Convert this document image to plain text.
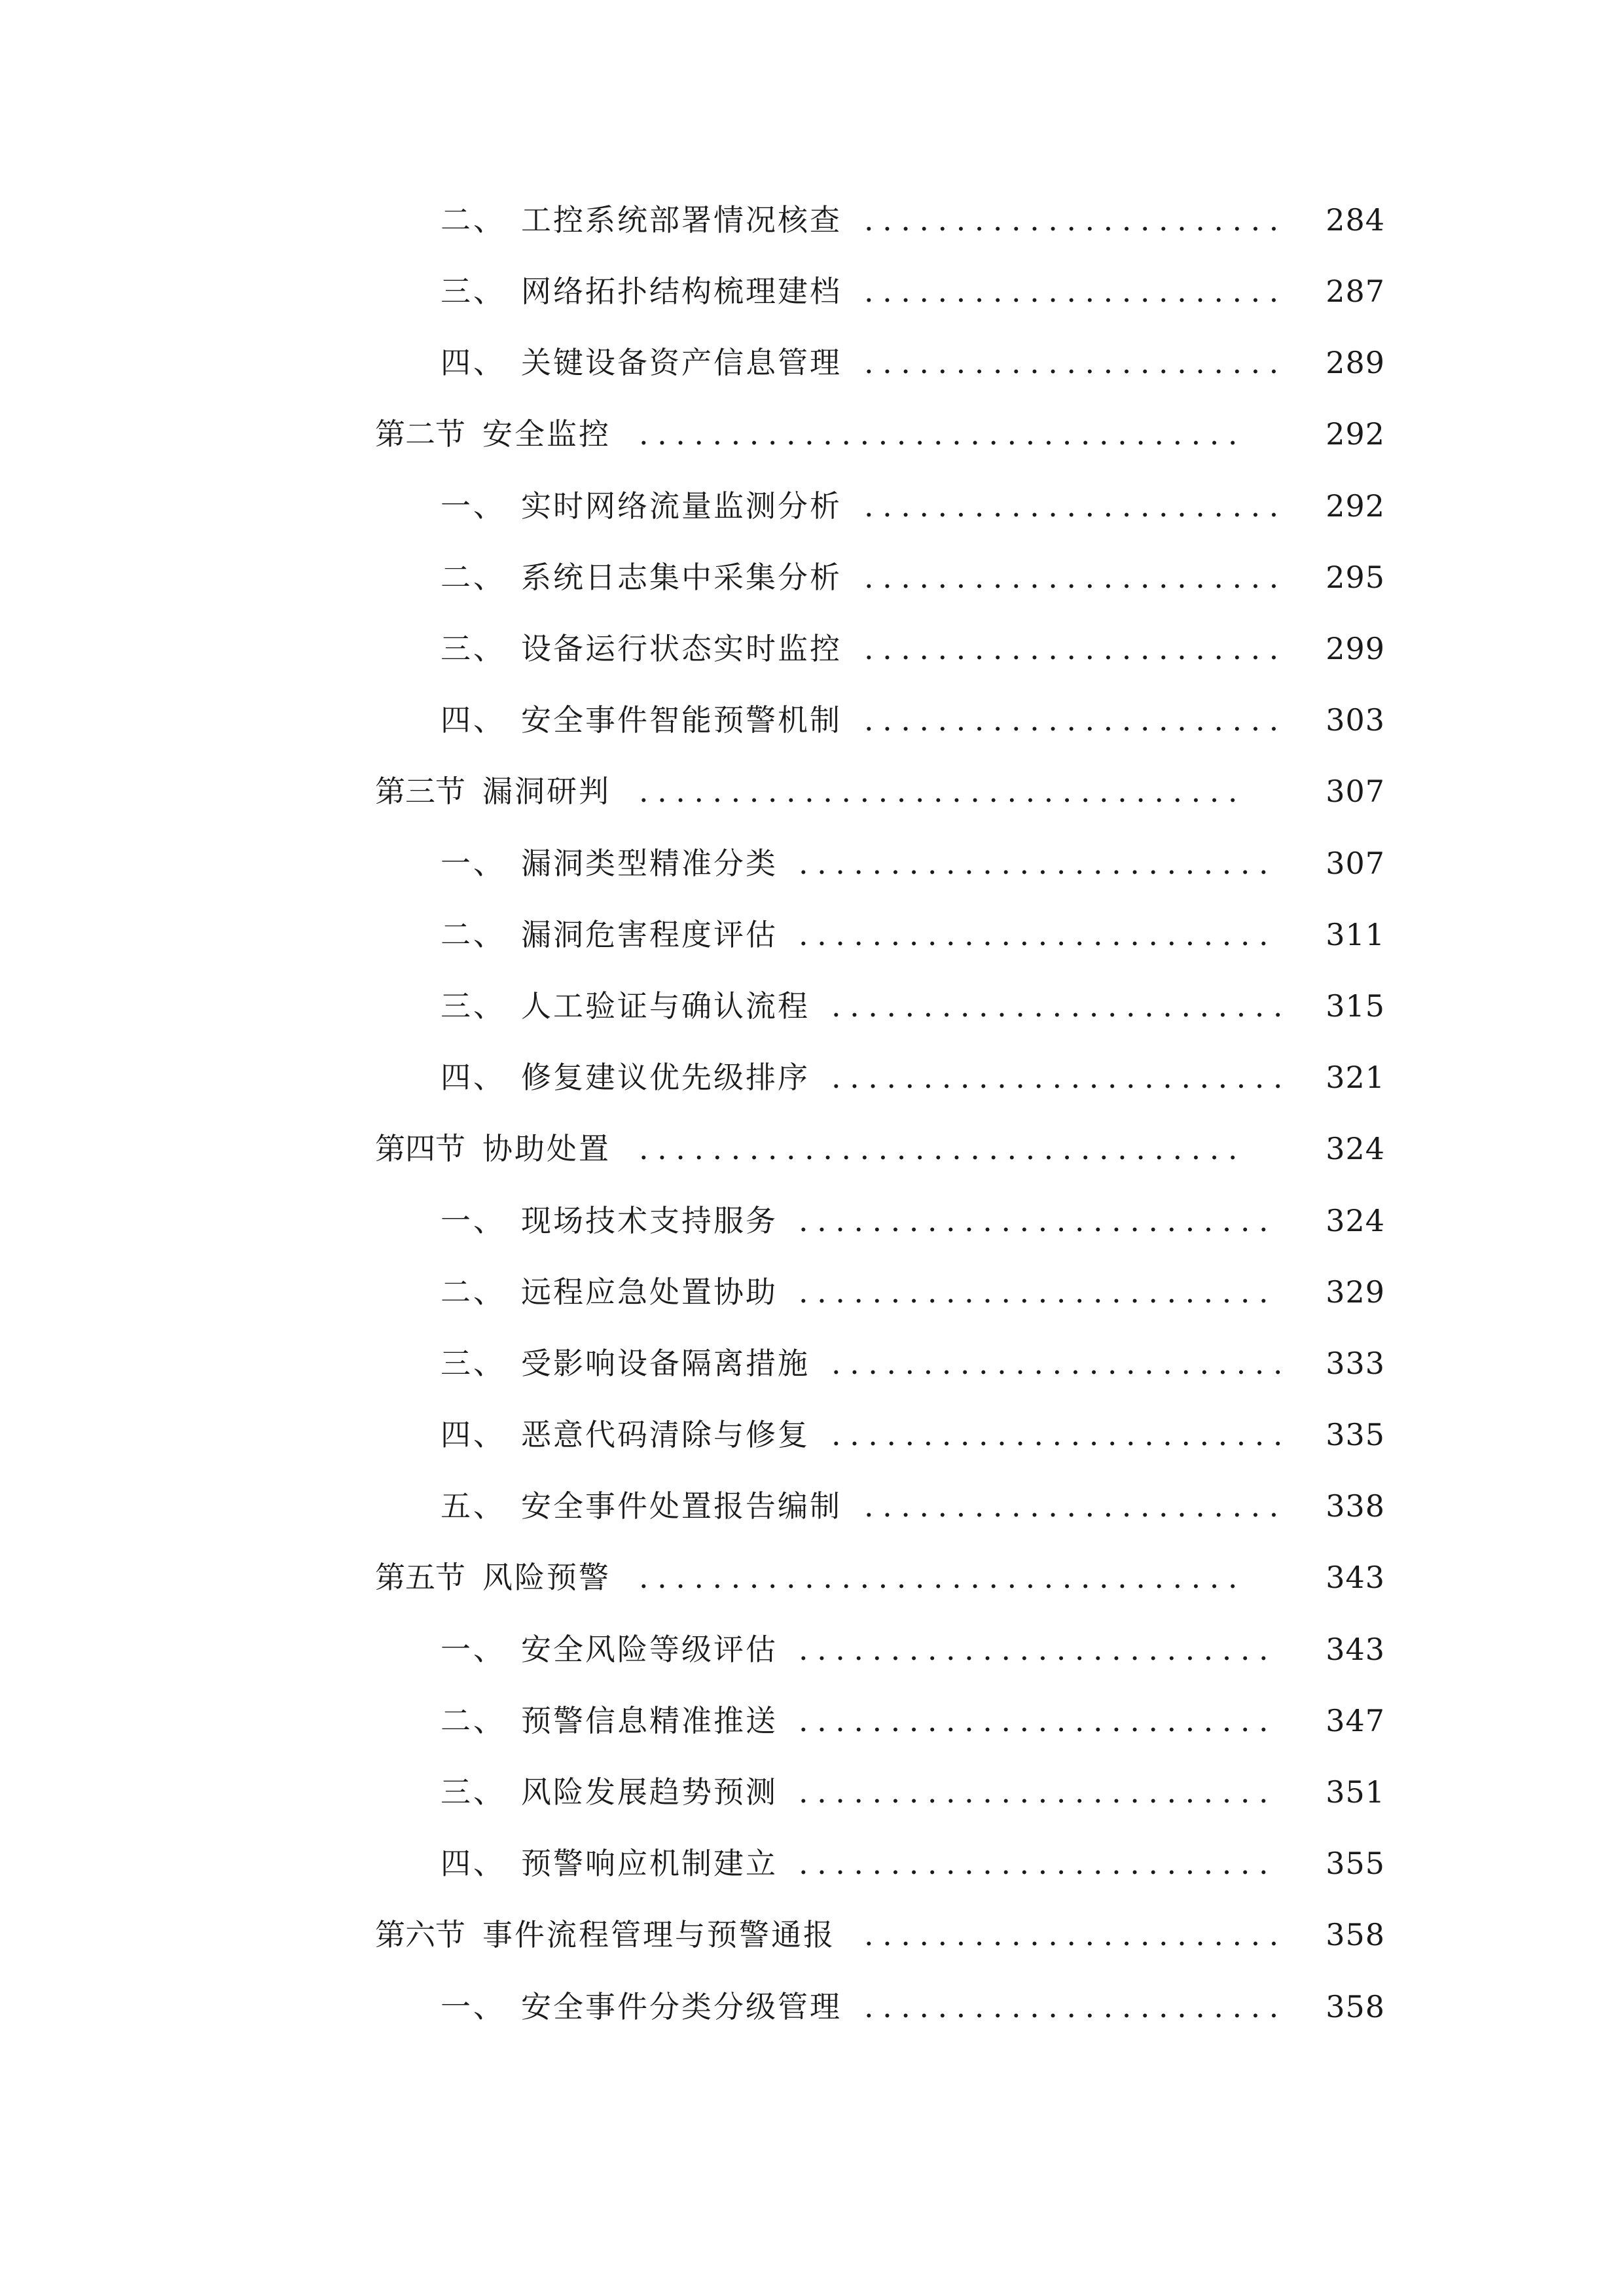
二、 工控系统部署情况核查 .......................	284
三、 网络拓扑结构梳理建档 .......................	287
四、 关键设备资产信息管理 .......................	289
第二节 安全监控 .................................	292
一、 实时网络流量监测分析 .......................	292
二、 系统日志集中采集分析 .......................	295
三、 设备运行状态实时监控 .......................	299
四、 安全事件智能预警机制 .......................	303
第三节 漏洞研判 .................................	307
一、 漏洞类型精准分类 ..........................	307
二、 漏洞危害程度评估 ..........................	311
三、 人工验证与确认流程 .........................	315
四、 修复建议优先级排序 .........................	321
第四节 协助处置 .................................	324
一、 现场技术支持服务 ..........................	324
二、 远程应急处置协助 ..........................	329
三、 受影响设备隔离措施 .........................	333
四、 恶意代码清除与修复 .........................	335
五、 安全事件处置报告编制 .......................	338
第五节 风险预警 .................................	343
一、 安全风险等级评估 ..........................	343
二、 预警信息精准推送 ..........................	347
三、 风险发展趋势预测 ..........................	351
四、 预警响应机制建立 ..........................	355
第六节 事件流程管理与预警通报 .......................	358
一、 安全事件分类分级管理 .......................	358
